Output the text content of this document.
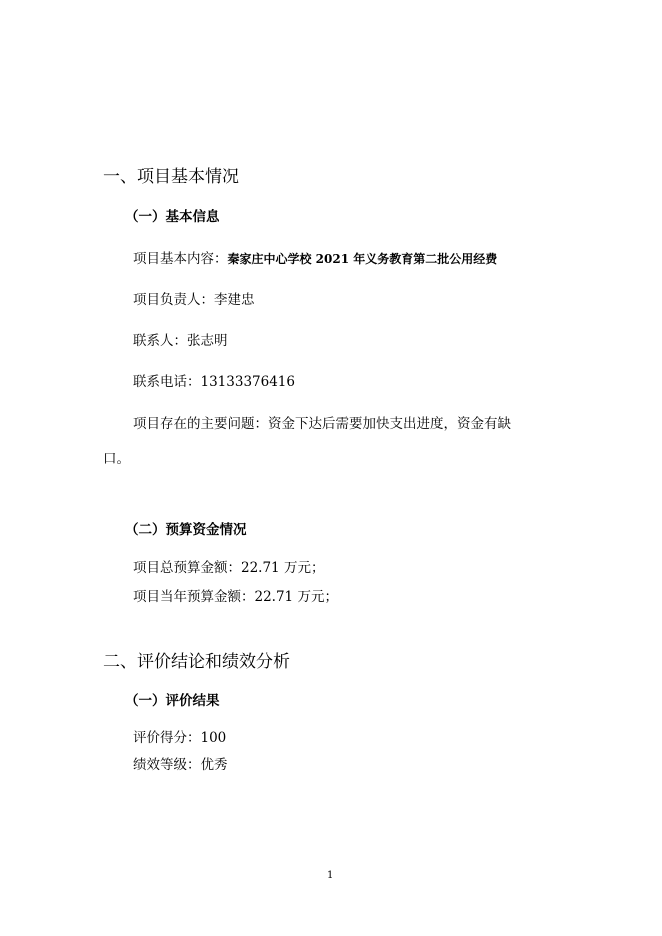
一、项目基本情况
（一）基本信息
项目基本内容：秦家庄中心学校 2021 年义务教育第二批公用经费
项目负责人：李建忠
联系人：张志明
联系电话：13133376416
项目存在的主要问题：资金下达后需要加快支出进度，资金有缺
口。
（二）预算资金情况
项目总预算金额：22.71 万元；
项目当年预算金额：22.71 万元；
二、评价结论和绩效分析
（一）评价结果
评价得分：100
绩效等级：优秀
1
